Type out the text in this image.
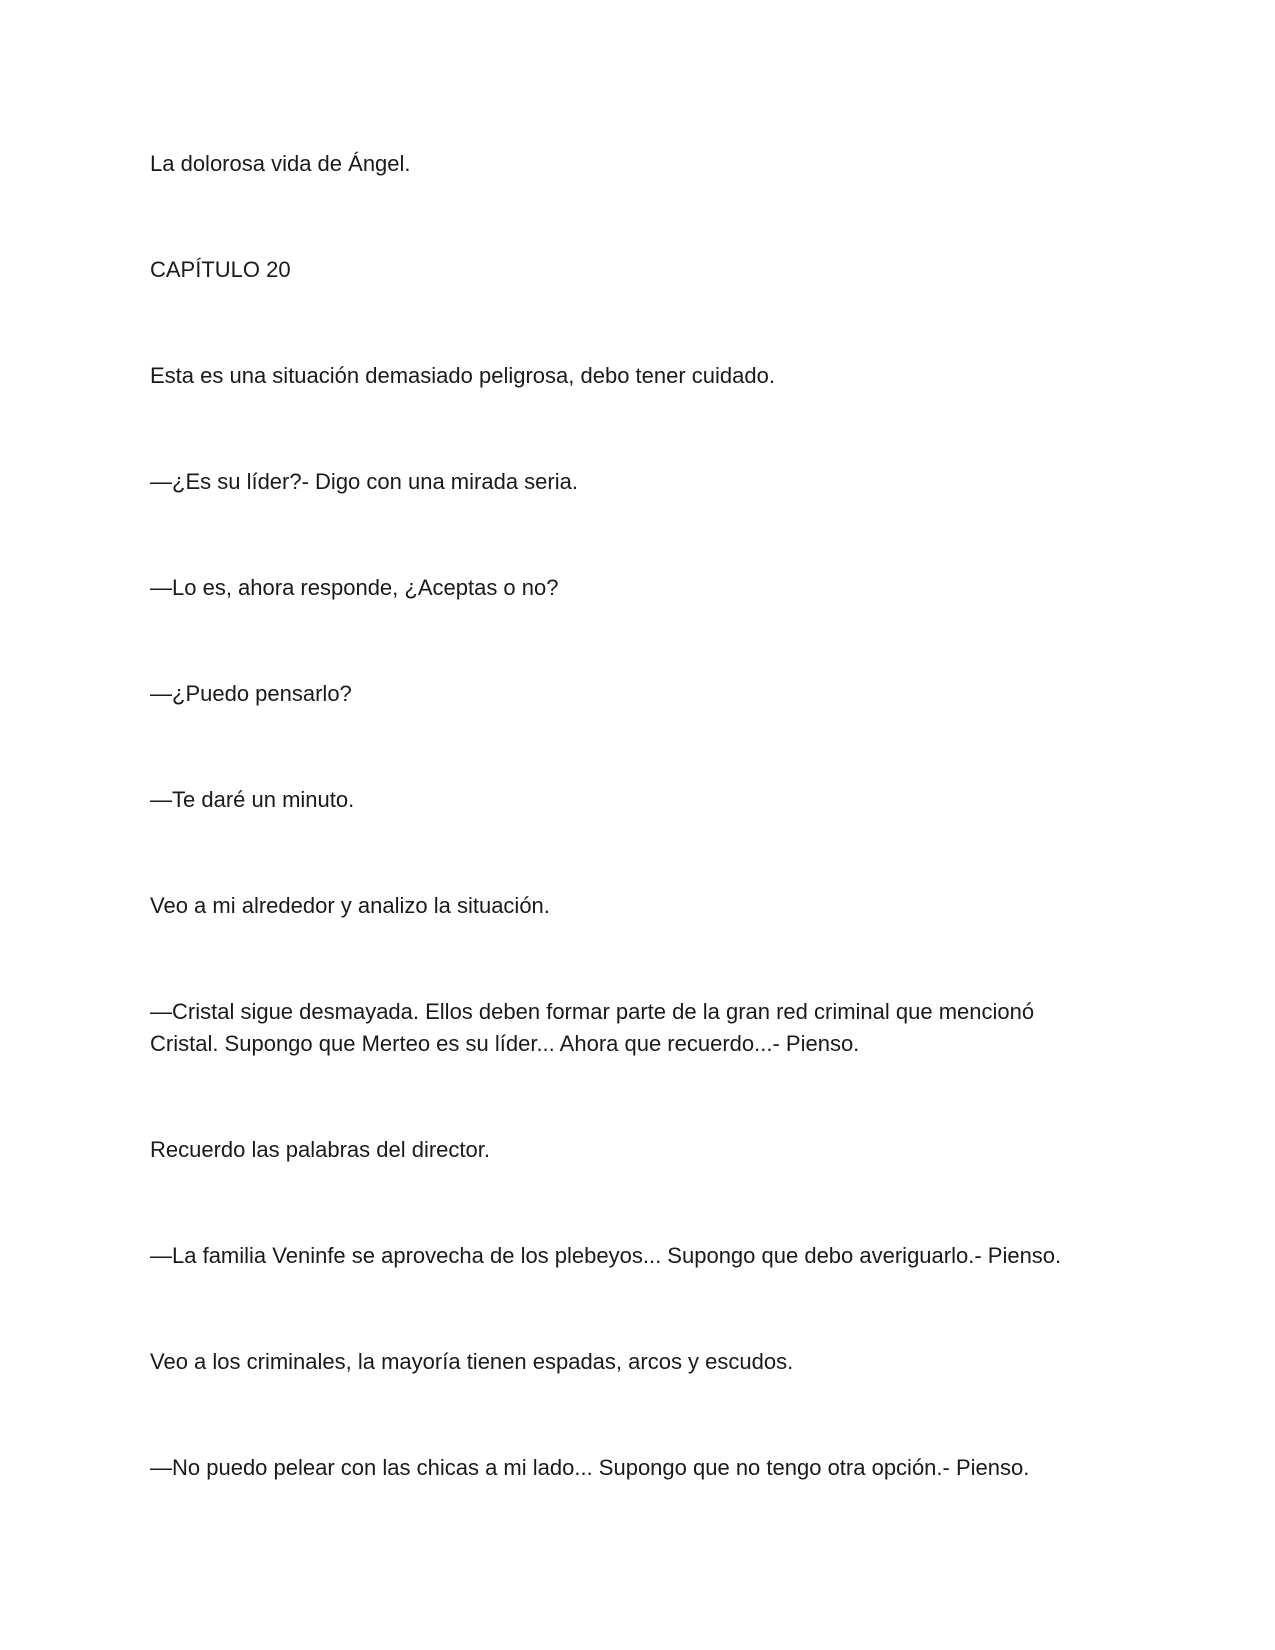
La dolorosa vida de Ángel.

CAPÍTULO 20

Esta es una situación demasiado peligrosa, debo tener cuidado.

—¿Es su líder?- Digo con una mirada seria.

—Lo es, ahora responde, ¿Aceptas o no?

—¿Puedo pensarlo?

—Te daré un minuto.

Veo a mi alrededor y analizo la situación.

—Cristal sigue desmayada. Ellos deben formar parte de la gran red criminal que mencionó Cristal. Supongo que Merteo es su líder... Ahora que recuerdo...- Pienso.

Recuerdo las palabras del director.

—La familia Veninfe se aprovecha de los plebeyos... Supongo que debo averiguarlo.- Pienso.

Veo a los criminales, la mayoría tienen espadas, arcos y escudos.

—No puedo pelear con las chicas a mi lado... Supongo que no tengo otra opción.- Pienso.
